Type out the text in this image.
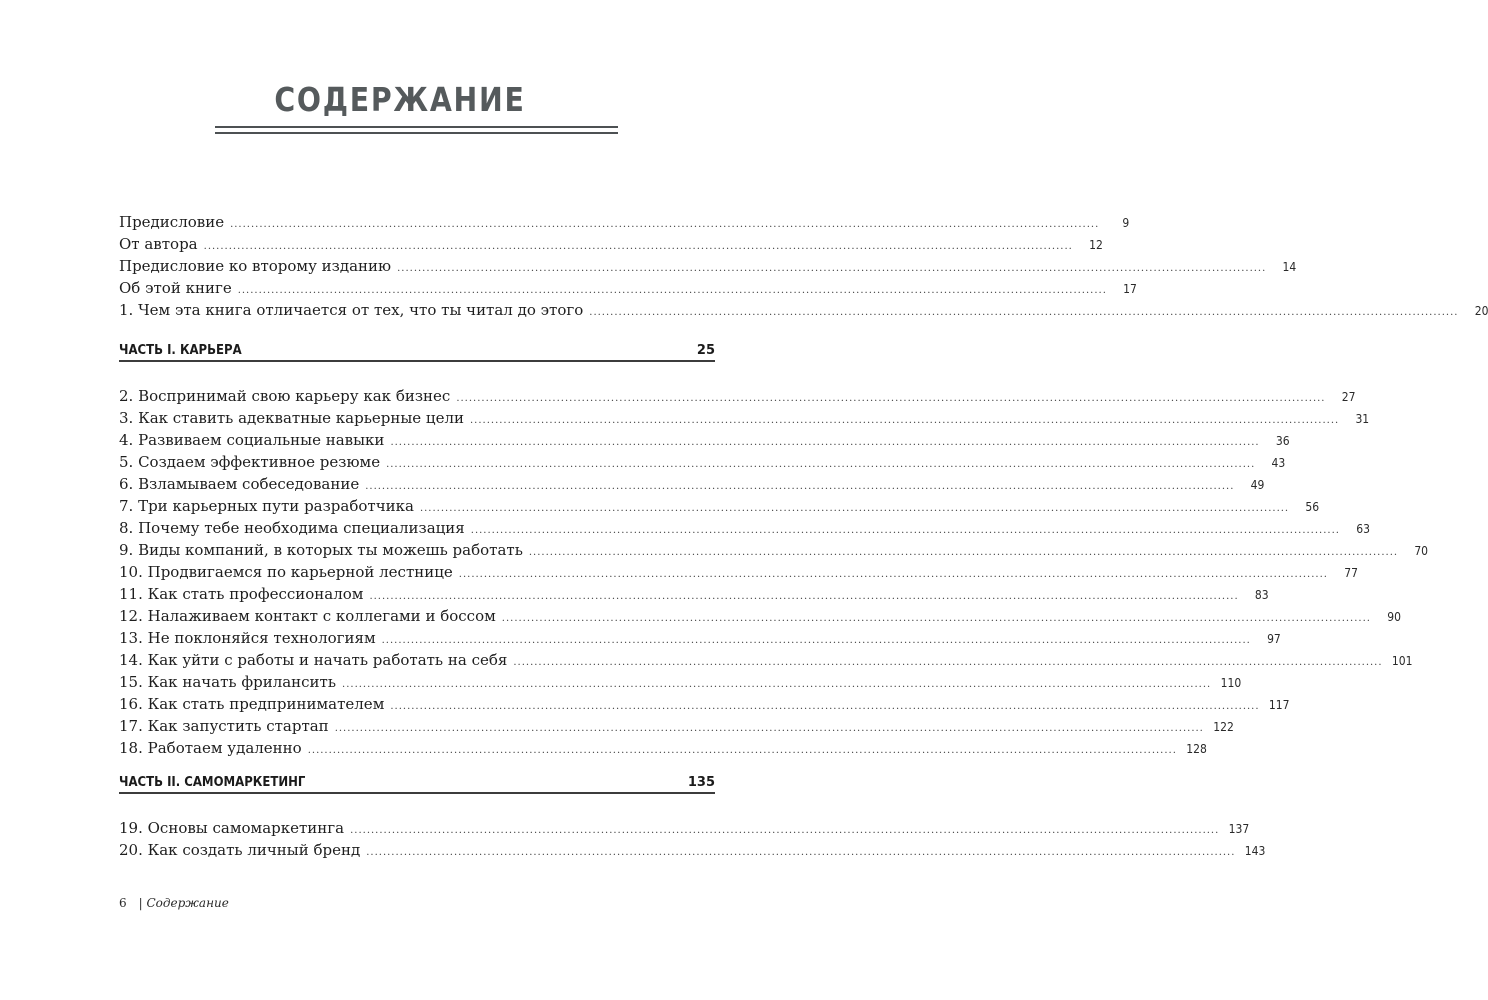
СОДЕРЖАНИЕ
Предисловие ................................................................................................................................................................................................................	9
От автора ................................................................................................................................................................................................................	12
Предисловие ко второму изданию ................................................................................................................................................................................................................	14
Об этой книге ................................................................................................................................................................................................................	17
1. Чем эта книга отличается от тех, что ты читал до этого ................................................................................................................................................................................................................	20
ЧАСТЬ I. КАРЬЕРА	25
2. Воспринимай свою карьеру как бизнес ................................................................................................................................................................................................................	27
3. Как ставить адекватные карьерные цели ................................................................................................................................................................................................................	31
4. Развиваем социальные навыки ................................................................................................................................................................................................................	36
5. Создаем эффективное резюме ................................................................................................................................................................................................................	43
6. Взламываем собеседование ................................................................................................................................................................................................................	49
7. Три карьерных пути разработчика ................................................................................................................................................................................................................	56
8. Почему тебе необходима специализация ................................................................................................................................................................................................................	63
9. Виды компаний, в которых ты можешь работать ................................................................................................................................................................................................................	70
10. Продвигаемся по карьерной лестнице ................................................................................................................................................................................................................	77
11. Как стать профессионалом ................................................................................................................................................................................................................	83
12. Налаживаем контакт с коллегами и боссом ................................................................................................................................................................................................................	90
13. Не поклоняйся технологиям ................................................................................................................................................................................................................	97
14. Как уйти с работы и начать работать на себя ................................................................................................................................................................................................................ 101
15. Как начать фрилансить ................................................................................................................................................................................................................ 110
16. Как стать предпринимателем ................................................................................................................................................................................................................ 117
17. Как запустить стартап ................................................................................................................................................................................................................ 122
18. Работаем удаленно ................................................................................................................................................................................................................ 128
ЧАСТЬ II. САМОМАРКЕТИНГ	135
19. Основы самомаркетинга ................................................................................................................................................................................................................ 137
20. Как создать личный бренд ................................................................................................................................................................................................................ 143
6 | Содержание
